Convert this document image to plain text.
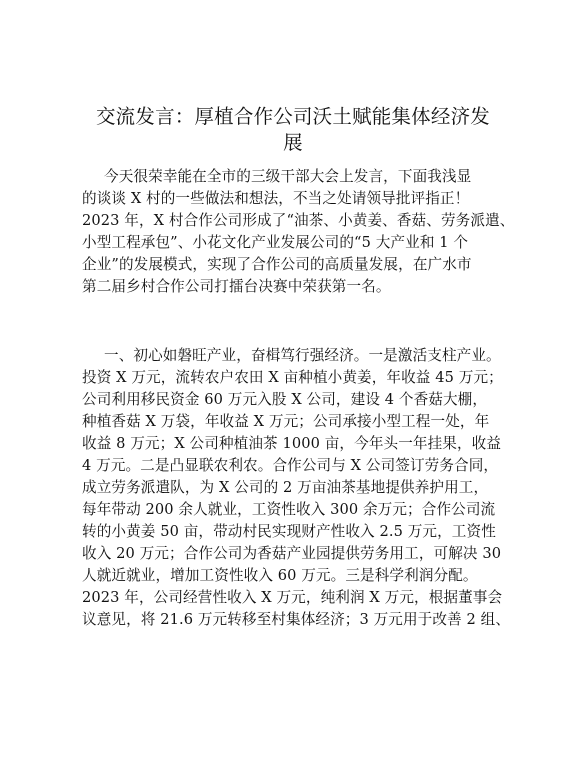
交流发言：厚植合作公司沃土赋能集体经济发
展
今天很荣幸能在全市的三级干部大会上发言，下面我浅显
的谈谈 X 村的一些做法和想法，不当之处请领导批评指正！
2023 年，X 村合作公司形成了“油茶、小黄姜、香菇、劳务派遣、
小型工程承包”、小花文化产业发展公司的“5 大产业和 1 个
企业”的发展模式，实现了合作公司的高质量发展，在广水市
第二届乡村合作公司打擂台决赛中荣获第一名。
一、初心如磐旺产业，奋楫笃行强经济。一是激活支柱产业。
投资 X 万元，流转农户农田 X 亩种植小黄姜，年收益 45 万元；
公司利用移民资金 60 万元入股 X 公司，建设 4 个香菇大棚，
种植香菇 X 万袋，年收益 X 万元；公司承接小型工程一处，年
收益 8 万元；X 公司种植油茶 1000 亩，今年头一年挂果，收益
4 万元。二是凸显联农利农。合作公司与 X 公司签订劳务合同，
成立劳务派遣队，为 X 公司的 2 万亩油茶基地提供养护用工，
每年带动 200 余人就业，工资性收入 300 余万元；合作公司流
转的小黄姜 50 亩，带动村民实现财产性收入 2.5 万元，工资性
收入 20 万元；合作公司为香菇产业园提供劳务用工，可解决 30
人就近就业，增加工资性收入 60 万元。三是科学利润分配。
2023 年，公司经营性收入 X 万元，纯利润 X 万元，根据董事会
议意见，将 21.6 万元转移至村集体经济；3 万元用于改善 2 组、
